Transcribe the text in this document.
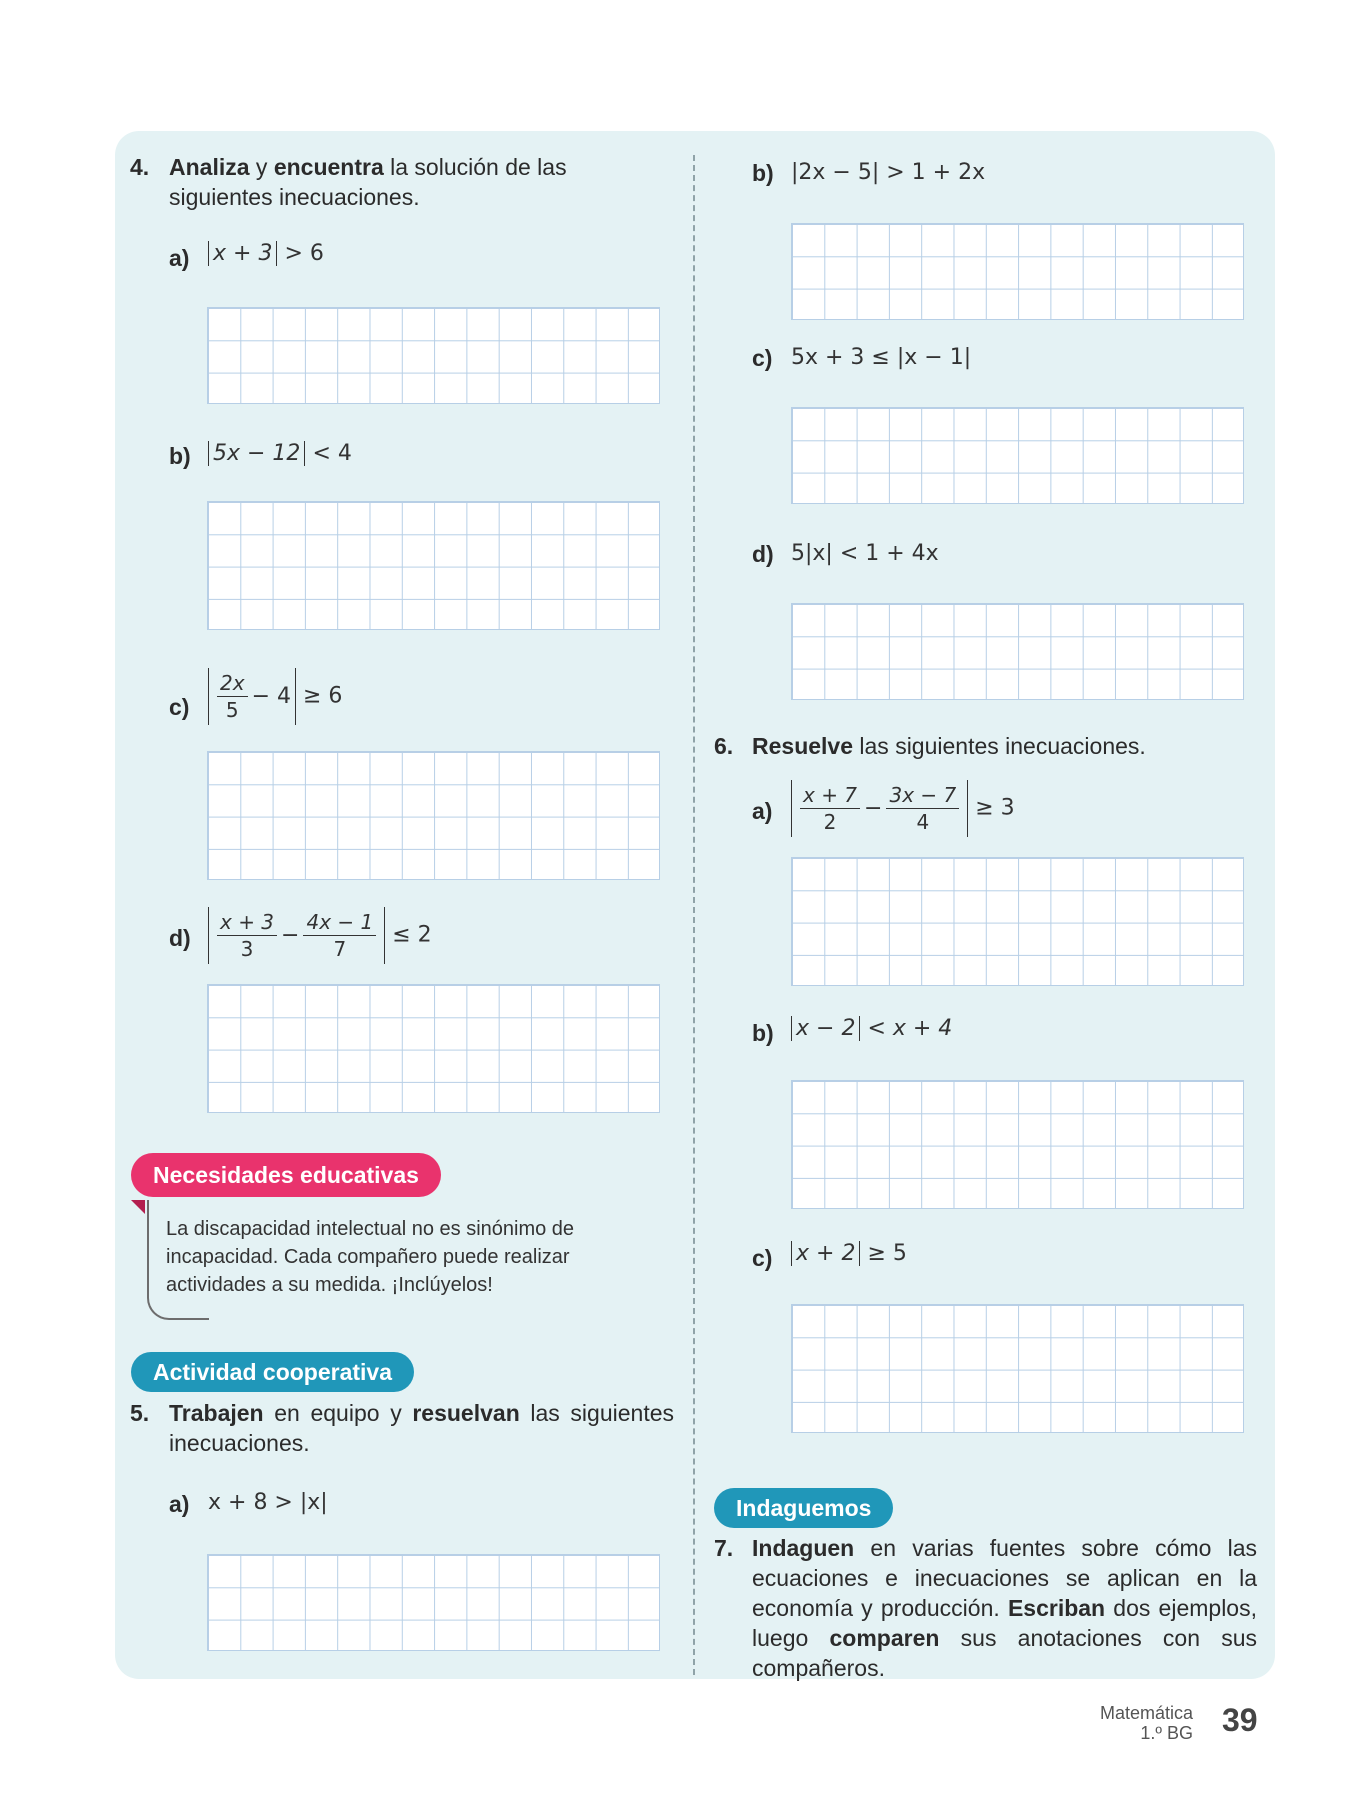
4. Analiza y encuentra la solución de las siguientes inecuaciones.
a) x + 3 > 6
b) 5x − 12 < 4
$c) \frac{2x}{5} - 4 \ge 6$
$d) \frac{x + 3}{3} - \frac{4x - 1}{7} \le 2$
Necesidades educativas
La discapacidad intelectual no es sinónimo de incapacidad. Cada compañero puede realizar actividades a su medida. ¡Inclúyelos!
Actividad cooperativa
5. Trabajen en equipo y resuelvan las siguientes inecuaciones.
a) x + 8 > |x|
b) |2x − 5| > 1 + 2x
c) 5x + 3 ≤ |x − 1|
d) 5|x| < 1 + 4x
6. Resuelve las siguientes inecuaciones.
$a) \frac{x + 7}{2} - \frac{3x - 7}{4} \ge 3$
b) x − 2 < x + 4
c) x + 2 ≥ 5
Indaguemos
7. Indaguen en varias fuentes sobre cómo las ecuaciones e inecuaciones se aplican en la economía y producción. Escriban dos ejemplos, luego comparen sus anotaciones con sus compañeros.
Matemática
1.º BG 39
